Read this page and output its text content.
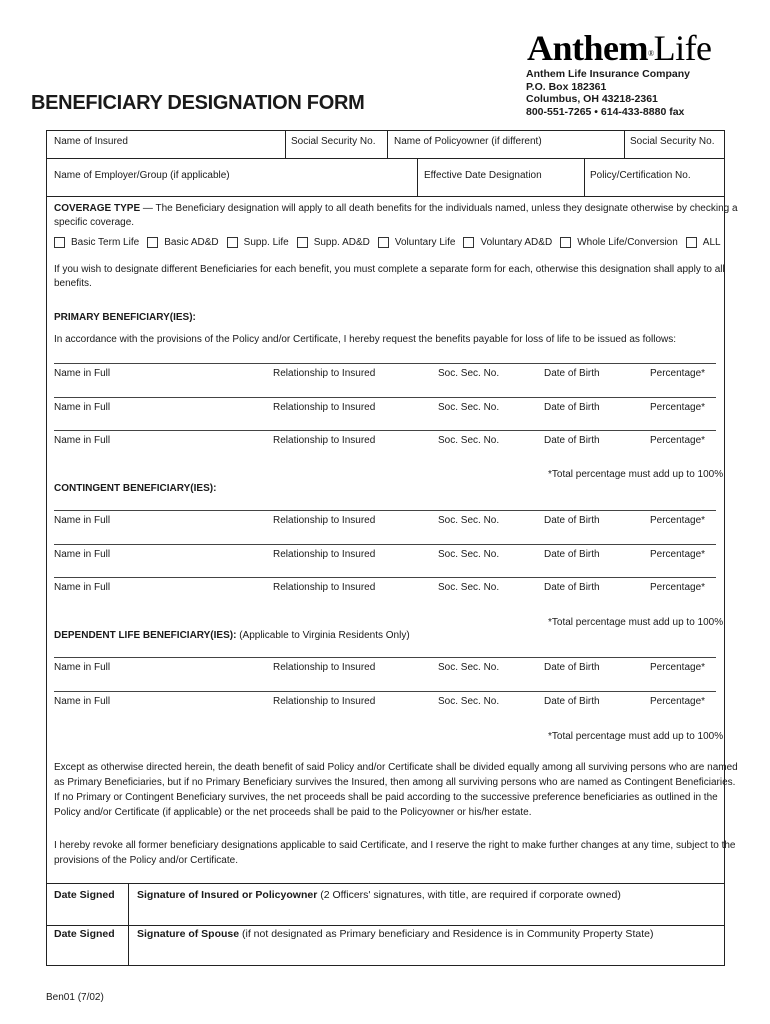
Anthem®Life
Anthem Life Insurance Company
P.O. Box 182361
Columbus, OH 43218-2361
800-551-7265 • 614-433-8880 fax
BENEFICIARY DESIGNATION FORM
Name of Insured	Social Security No. Name of Policyowner (if different)	Social Security No.
Name of Employer/Group (if applicable)	Effective Date Designation	Policy/Certification No.
COVERAGE TYPE — The Beneficiary designation will apply to all death benefits for the individuals named, unless they designate otherwise by checking a
specific coverage.
Basic Term Life	Basic AD&D	Supp. Life	Supp. AD&D	Voluntary Life	Voluntary AD&D	Whole Life/Conversion	ALL
If you wish to designate different Beneficiaries for each benefit, you must complete a separate form for each, otherwise this designation shall apply to all
benefits.
PRIMARY BENEFICIARY(IES):
In accordance with the provisions of the Policy and/or Certificate, I hereby request the benefits payable for loss of life to be issued as follows:
Name in Full	Relationship to Insured	Soc. Sec. No.	Date of Birth	Percentage*
Name in Full	Relationship to Insured	Soc. Sec. No.	Date of Birth	Percentage*
Name in Full	Relationship to Insured	Soc. Sec. No.	Date of Birth	Percentage*
Name in Full	Relationship to Insured	Soc. Sec. No.	Date of Birth	Percentage*
Name in Full	Relationship to Insured	Soc. Sec. No.	Date of Birth	Percentage*
Name in Full	Relationship to Insured	Soc. Sec. No.	Date of Birth	Percentage*
Name in Full	Relationship to Insured	Soc. Sec. No.	Date of Birth	Percentage*
Name in Full	Relationship to Insured	Soc. Sec. No.	Date of Birth	Percentage*
*Total percentage must add up to 100%
CONTINGENT BENEFICIARY(IES):
*Total percentage must add up to 100%
DEPENDENT LIFE BENEFICIARY(IES): (Applicable to Virginia Residents Only)
*Total percentage must add up to 100%
Except as otherwise directed herein, the death benefit of said Policy and/or Certificate shall be divided equally among all surviving persons who are named
as Primary Beneficiaries, but if no Primary Beneficiary survives the Insured, then among all surviving persons who are named as Contingent Beneficiaries.
If no Primary or Contingent Beneficiary survives, the net proceeds shall be paid according to the successive preference beneficiaries as outlined in the
Policy and/or Certificate (if applicable) or the net proceeds shall be paid to the Policyowner or his/her estate.
I hereby revoke all former beneficiary designations applicable to said Certificate, and I reserve the right to make further changes at any time, subject to the
provisions of the Policy and/or Certificate.
Date Signed Signature of Insured or Policyowner (2 Officers' signatures, with title, are required if corporate owned)
Date Signed Signature of Spouse (if not designated as Primary beneficiary and Residence is in Community Property State)
Ben01 (7/02)
